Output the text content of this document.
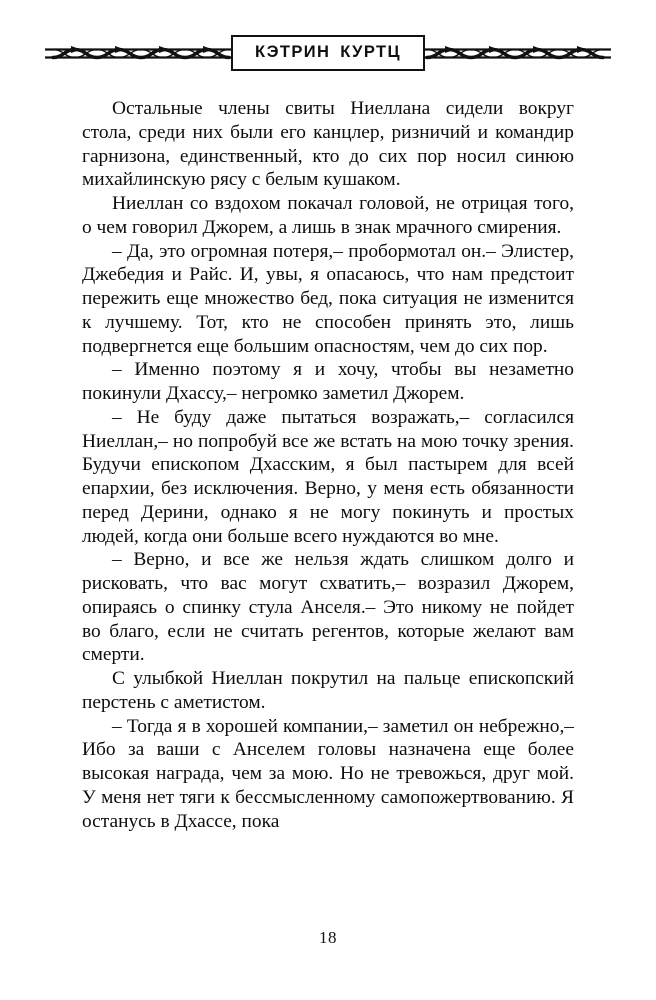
КЭТРИН КУРТЦ

Остальные члены свиты Ниеллана сидели вокруг стола, среди них были его канцлер, ризничий и командир гарнизона, единственный, кто до сих пор носил синюю михайлинскую рясу с белым кушаком.

Ниеллан со вздохом покачал головой, не отрицая того, о чем говорил Джорем, а лишь в знак мрачного смирения.

– Да, это огромная потеря,– пробормотал он.– Элистер, Джебедия и Райс. И, увы, я опасаюсь, что нам предстоит пережить еще множество бед, пока ситуация не изменится к лучшему. Тот, кто не способен принять это, лишь подвергнется еще большим опасностям, чем до сих пор.

– Именно поэтому я и хочу, чтобы вы незаметно покинули Дхассу,– негромко заметил Джорем.

– Не буду даже пытаться возражать,– согласился Ниеллан,– но попробуй все же встать на мою точку зрения. Будучи епископом Дхасским, я был пастырем для всей епархии, без исключения. Верно, у меня есть обязанности перед Дерини, однако я не могу покинуть и простых людей, когда они больше всего нуждаются во мне.

– Верно, и все же нельзя ждать слишком долго и рисковать, что вас могут схватить,– возразил Джорем, опираясь о спинку стула Анселя.– Это никому не пойдет во благо, если не считать регентов, которые желают вам смерти.

С улыбкой Ниеллан покрутил на пальце епископский перстень с аметистом.

– Тогда я в хорошей компании,– заметил он небрежно,– Ибо за ваши с Анселем головы назначена еще более высокая награда, чем за мою. Но не тревожься, друг мой. У меня нет тяги к бессмысленному самопожертвованию. Я останусь в Дхассе, пока

18
